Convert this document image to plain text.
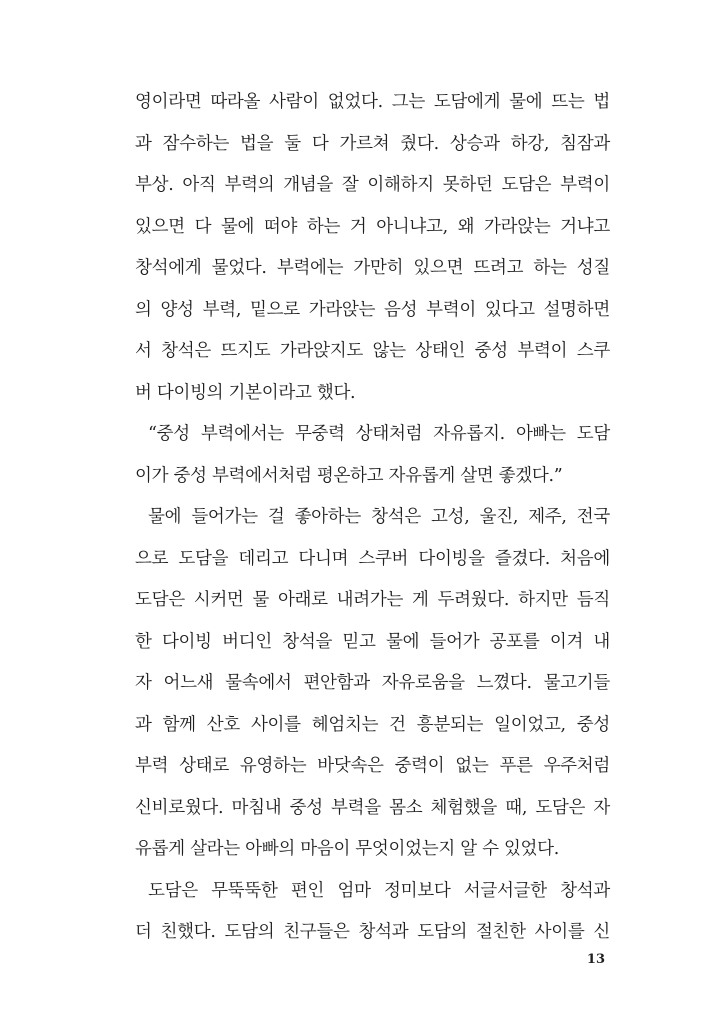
영이라면 따라올 사람이 없었다. 그는 도담에게 물에 뜨는 법
과 잠수하는 법을 둘 다 가르쳐 줬다. 상승과 하강, 침잠과
부상. 아직 부력의 개념을 잘 이해하지 못하던 도담은 부력이
있으면 다 물에 떠야 하는 거 아니냐고, 왜 가라앉는 거냐고
창석에게 물었다. 부력에는 가만히 있으면 뜨려고 하는 성질
의 양성 부력, 밑으로 가라앉는 음성 부력이 있다고 설명하면
서 창석은 뜨지도 가라앉지도 않는 상태인 중성 부력이 스쿠
버 다이빙의 기본이라고 했다.
“중성 부력에서는 무중력 상태처럼 자유롭지. 아빠는 도담
이가 중성 부력에서처럼 평온하고 자유롭게 살면 좋겠다.”
물에 들어가는 걸 좋아하는 창석은 고성, 울진, 제주, 전국
으로 도담을 데리고 다니며 스쿠버 다이빙을 즐겼다. 처음에
도담은 시커먼 물 아래로 내려가는 게 두려웠다. 하지만 듬직
한 다이빙 버디인 창석을 믿고 물에 들어가 공포를 이겨 내
자 어느새 물속에서 편안함과 자유로움을 느꼈다. 물고기들
과 함께 산호 사이를 헤엄치는 건 흥분되는 일이었고, 중성
부력 상태로 유영하는 바닷속은 중력이 없는 푸른 우주처럼
신비로웠다. 마침내 중성 부력을 몸소 체험했을 때, 도담은 자
유롭게 살라는 아빠의 마음이 무엇이었는지 알 수 있었다.
도담은 무뚝뚝한 편인 엄마 정미보다 서글서글한 창석과
더 친했다. 도담의 친구들은 창석과 도담의 절친한 사이를 신
13
